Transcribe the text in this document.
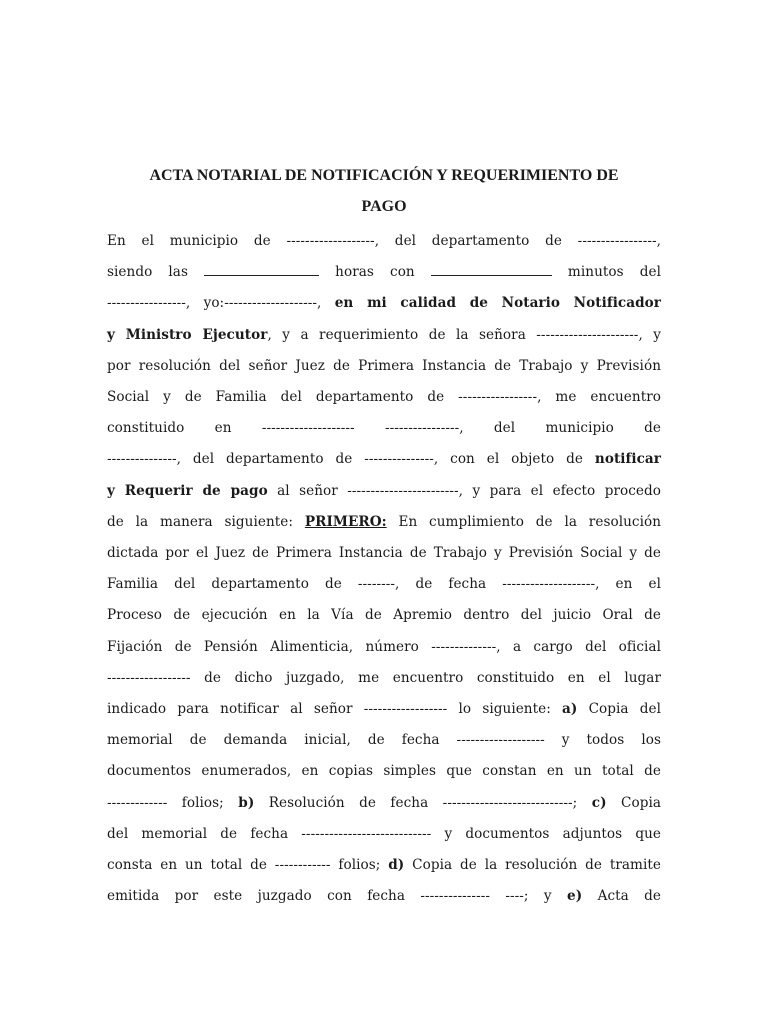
ACTA NOTARIAL DE NOTIFICACIÓN Y REQUERIMIENTO DE
PAGO
En el municipio de -------------------, del departamento de -----------------,
siendo las	horas con	minutos del
-----------------, yo:--------------------, en mi calidad de Notario Notificador
y Ministro Ejecutor, y a requerimiento de la señora ----------------------, y
por resolución del señor Juez de Primera Instancia de Trabajo y Previsión
Social y de Familia del departamento de -----------------, me encuentro
constituido en -------------------- ----------------, del municipio de
---------------, del departamento de ---------------, con el objeto de notificar
y Requerir de pago al señor ------------------------, y para el efecto procedo
de la manera siguiente: PRIMERO: En cumplimiento de la resolución
dictada por el Juez de Primera Instancia de Trabajo y Previsión Social y de
Familia del departamento de --------, de fecha --------------------, en el
Proceso de ejecución en la Vía de Apremio dentro del juicio Oral de
Fijación de Pensión Alimenticia, número --------------, a cargo del oficial
------------------ de dicho juzgado, me encuentro constituido en el lugar
indicado para notificar al señor ------------------ lo siguiente: a) Copia del
memorial de demanda inicial, de fecha ------------------- y todos los
documentos enumerados, en copias simples que constan en un total de
------------- folios; b) Resolución de fecha ----------------------------; c) Copia
del memorial de fecha ---------------------------- y documentos adjuntos que
consta en un total de ------------ folios; d) Copia de la resolución de tramite
emitida por este juzgado con fecha --------------- ----; y e) Acta de
